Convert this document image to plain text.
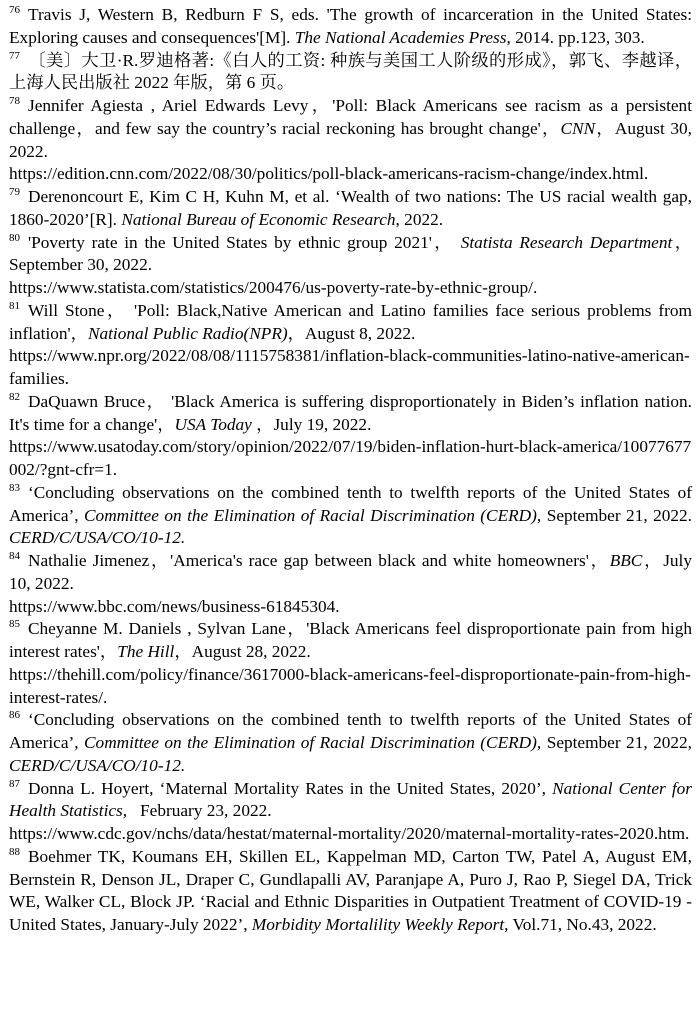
$^{76}$ Travis J, Western B, Redburn F S, eds. 'The growth of incarceration in the United States: Exploring causes and consequences'[M]. The National Academies Press, 2014. pp.123, 303.

$^{77}$ 〔美〕大卫·R.罗迪格著:《白人的工资: 种族与美国工人阶级的形成》，郭飞、李越译，上海人民出版社 2022 年版，第 6 页。

$^{78}$ Jennifer Agiesta , Ariel Edwards Levy，'Poll: Black Americans see racism as a persistent challenge，and few say the country’s racial reckoning has brought change'，CNN，August 30, 2022.
https://edition.cnn.com/2022/08/30/politics/poll-black-americans-racism-change/index.html.

$^{79}$ Derenoncourt E, Kim C H, Kuhn M, et al. ‘Wealth of two nations: The US racial wealth gap, 1860-2020’[R]. National Bureau of Economic Research, 2022.

$^{80}$ 'Poverty rate in the United States by ethnic group 2021'， Statista Research Department，September 30, 2022.
https://www.statista.com/statistics/200476/us-poverty-rate-by-ethnic-group/.

$^{81}$ Will Stone， 'Poll: Black,Native American and Latino families face serious problems from inflation'，National Public Radio(NPR)，August 8, 2022.
https://www.npr.org/2022/08/08/1115758381/inflation-black-communities-latino-native-american-families.

$^{82}$ DaQuawn Bruce， 'Black America is suffering disproportionately in Biden’s inflation nation. It's time for a change'，USA Today ，July 19, 2022.
https://www.usatoday.com/story/opinion/2022/07/19/biden-inflation-hurt-black-america/10077677002/?gnt-cfr=1.

$^{83}$ ‘Concluding observations on the combined tenth to twelfth reports of the United States of America’, Committee on the Elimination of Racial Discrimination (CERD), September 21, 2022. CERD/C/USA/CO/10-12.

$^{84}$ Nathalie Jimenez，'America's race gap between black and white homeowners'，BBC，July 10, 2022.
https://www.bbc.com/news/business-61845304.

$^{85}$ Cheyanne M. Daniels , Sylvan Lane，'Black Americans feel disproportionate pain from high interest rates'，The Hill，August 28, 2022.
https://thehill.com/policy/finance/3617000-black-americans-feel-disproportionate-pain-from-high-interest-rates/.

$^{86}$ ‘Concluding observations on the combined tenth to twelfth reports of the United States of America’, Committee on the Elimination of Racial Discrimination (CERD), September 21, 2022, CERD/C/USA/CO/10-12.

$^{87}$ Donna L. Hoyert, ‘Maternal Mortality Rates in the United States, 2020’, National Center for Health Statistics,   February 23, 2022.
https://www.cdc.gov/nchs/data/hestat/maternal-mortality/2020/maternal-mortality-rates-2020.htm.

$^{88}$ Boehmer TK, Koumans EH, Skillen EL, Kappelman MD, Carton TW, Patel A, August EM, Bernstein R, Denson JL, Draper C, Gundlapalli AV, Paranjape A, Puro J, Rao P, Siegel DA, Trick WE, Walker CL, Block JP. ‘Racial and Ethnic Disparities in Outpatient Treatment of COVID-19 - United States, January-July 2022’, Morbidity Mortalility Weekly Report, Vol.71, No.43, 2022.
